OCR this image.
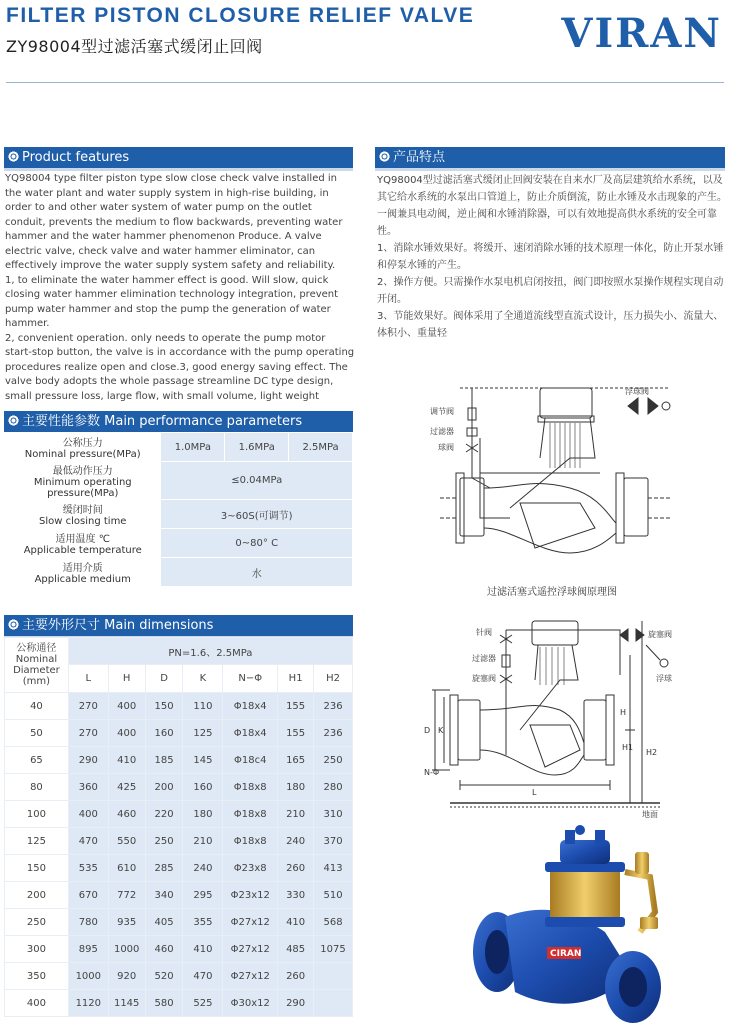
FILTER PISTON CLOSURE RELIEF VALVE
ZY98004型过滤活塞式缓闭止回阀	VIRAN
Product features

YQ98004 type filter piston type slow close check valve installed in the water plant and water supply system in high-rise building, in order to and other water system of water pump on the outlet conduit, prevents the medium to flow backwards, preventing water hammer and the water hammer phenomenon Produce. A valve electric valve, check valve and water hammer eliminator, can effectively improve the water supply system safety and reliability.

1, to eliminate the water hammer effect is good. Will slow, quick closing water hammer elimination technology integration, prevent pump water hammer and stop the pump the generation of water hammer.

2, convenient operation. only needs to operate the pump motor start-stop button, the valve is in accordance with the pump operating procedures realize open and close.3, good energy saving effect. The valve body adopts the whole passage streamline DC type design, small pressure loss, large flow, with small volume, light weight

产品特点

YQ98004型过滤活塞式缓闭止回阀安装在自来水厂及高层建筑给水系统，以及其它给水系统的水泵出口管道上，防止介质倒流，防止水锤及水击现象的产生。一阀兼具电动阀，逆止阀和水锤消除器，可以有效地提高供水系统的安全可靠性。

1、消除水锤效果好。将缓开、速闭消除水锤的技术原理一体化，防止开泵水锤和停泵水锤的产生。

2、操作方便。只需操作水泵电机启闭按扭，阀门即按照水泵操作规程实现自动开闭。

3、节能效果好。阀体采用了全通道流线型直流式设计，压力损失小、流量大、体积小、重量轻

主要性能参数 Main performance parameters
公称压力
Nominal pressure(MPa)	1.0MPa	1.6MPa	2.5MPa

最低动作压力
Minimum operating pressure(MPa)	≤0.04MPa		

缓闭时间
Slow closing time	3~60S(可调节)		

适用温度 ℃
Applicable temperature	0~80° C		

适用介质
Applicable medium	水		
主要外形尺寸 Main dimensions
公称通径
Nominal Diameter
(mm)	PN=1.6、2.5MPa						
	L	H	D	K	N−Φ	H1	H2
40	270	400	150	110	Φ18x4	155	236
50	270	400	160	125	Φ18x4	155	236
65	290	410	185	145	Φ18c4	165	250
80	360	425	200	160	Φ18x8	180	280
100	400	460	220	180	Φ18x8	210	310
125	470	550	250	210	Φ18x8	240	370
150	535	610	285	240	Φ23x8	260	413
200	670	772	340	295	Φ23x12	330	510
250	780	935	405	355	Φ27x12	410	568
300	895	1000	460	410	Φ27x12	485	1075
350	1000	920	520	470	Φ27x12	260	
400	1120	1145	580	525	Φ30x12	290	
浮球阀
调节阀
过滤器
球阀
过滤活塞式遥控浮球阀原理图
针阀
过滤器
旋塞阀
旋塞阀
浮球
D K
N-Φ
L
H
H1
H2
地面
CIRAN
